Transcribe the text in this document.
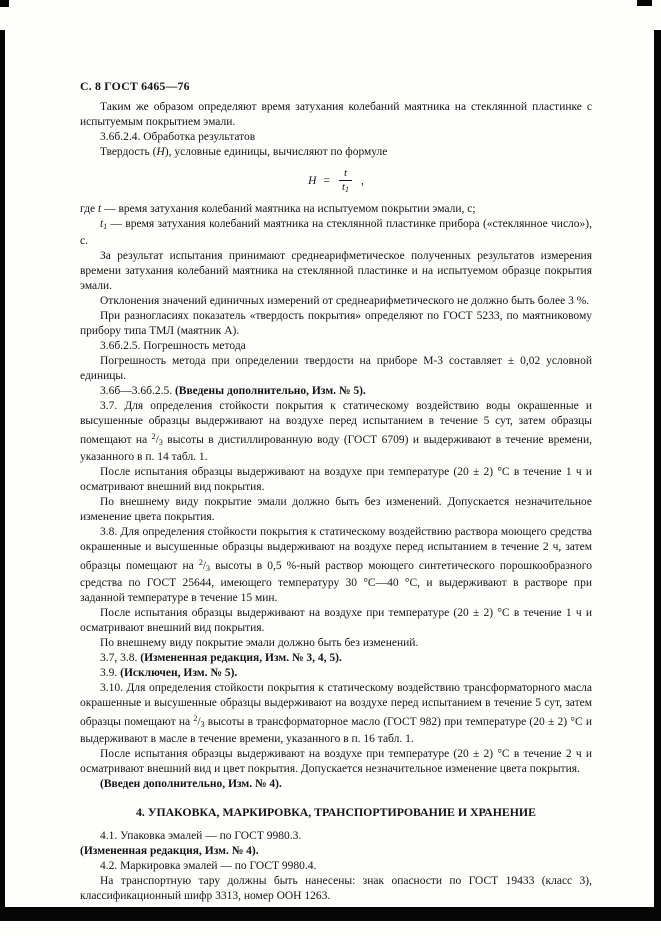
С. 8 ГОСТ 6465—76

Таким же образом определяют время затухания колебаний маятника на стеклянной пластинке с испытуемым покрытием эмали.

3.6б.2.4. Обработка результатов

Твердость (Н), условные единицы, вычисляют по формуле

$Н = \frac{t}{t_1}$ ,

где t — время затухания колебаний маятника на испытуемом покрытии эмали, с;

$t_1$ — время затухания колебаний маятника на стеклянной пластинке прибора («стеклянное число»), с.

За результат испытания принимают среднеарифметическое полученных результатов измерения времени затухания колебаний маятника на стеклянной пластинке и на испытуемом образце покрытия эмали.

Отклонения значений единичных измерений от среднеарифметического не должно быть более 3 %.

При разногласиях показатель «твердость покрытия» определяют по ГОСТ 5233, по маятниковому прибору типа ТМЛ (маятник А).

3.6б.2.5. Погрешность метода

Погрешность метода при определении твердости на приборе М-3 составляет ± 0,02 условной единицы.

3.6б—3.6б.2.5. (Введены дополнительно, Изм. № 5).

3.7. Для определения стойкости покрытия к статическому воздействию воды окрашенные и высушенные образцы выдерживают на воздухе перед испытанием в течение 5 сут, затем образцы помещают на $^2/_3$ высоты в дистиллированную воду (ГОСТ 6709) и выдерживают в течение времени, указанного в п. 14 табл. 1.

После испытания образцы выдерживают на воздухе при температуре (20 ± 2) °С в течение 1 ч и осматривают внешний вид покрытия.

По внешнему виду покрытие эмали должно быть без изменений. Допускается незначительное изменение цвета покрытия.

3.8. Для определения стойкости покрытия к статическому воздействию раствора моющего средства окрашенные и высушенные образцы выдерживают на воздухе перед испытанием в течение 2 ч, затем образцы помещают на $^2/_3$ высоты в 0,5 %-ный раствор моющего синтетического порошкообразного средства по ГОСТ 25644, имеющего температуру 30 °С—40 °С, и выдерживают в растворе при заданной температуре в течение 15 мин.

После испытания образцы выдерживают на воздухе при температуре (20 ± 2) °С в течение 1 ч и осматривают внешний вид покрытия.

По внешнему виду покрытие эмали должно быть без изменений.

3.7, 3.8. (Измененная редакция, Изм. № 3, 4, 5).

3.9. (Исключен, Изм. № 5).

3.10. Для определения стойкости покрытия к статическому воздействию трансформаторного масла окрашенные и высушенные образцы выдерживают на воздухе перед испытанием в течение 5 сут, затем образцы помещают на $^2/_3$ высоты в трансформаторное масло (ГОСТ 982) при температуре (20 ± 2) °С и выдерживают в масле в течение времени, указанного в п. 16 табл. 1.

После испытания образцы выдерживают на воздухе при температуре (20 ± 2) °С в течение 2 ч и осматривают внешний вид и цвет покрытия. Допускается незначительное изменение цвета покрытия.

(Введен дополнительно, Изм. № 4).

4. УПАКОВКА, МАРКИРОВКА, ТРАНСПОРТИРОВАНИЕ И ХРАНЕНИЕ

4.1. Упаковка эмалей — по ГОСТ 9980.3.

(Измененная редакция, Изм. № 4).

4.2. Маркировка эмалей — по ГОСТ 9980.4.

На транспортную тару должны быть нанесены: знак опасности по ГОСТ 19433 (класс 3), классификационный шифр 3313, номер ООН 1263.
